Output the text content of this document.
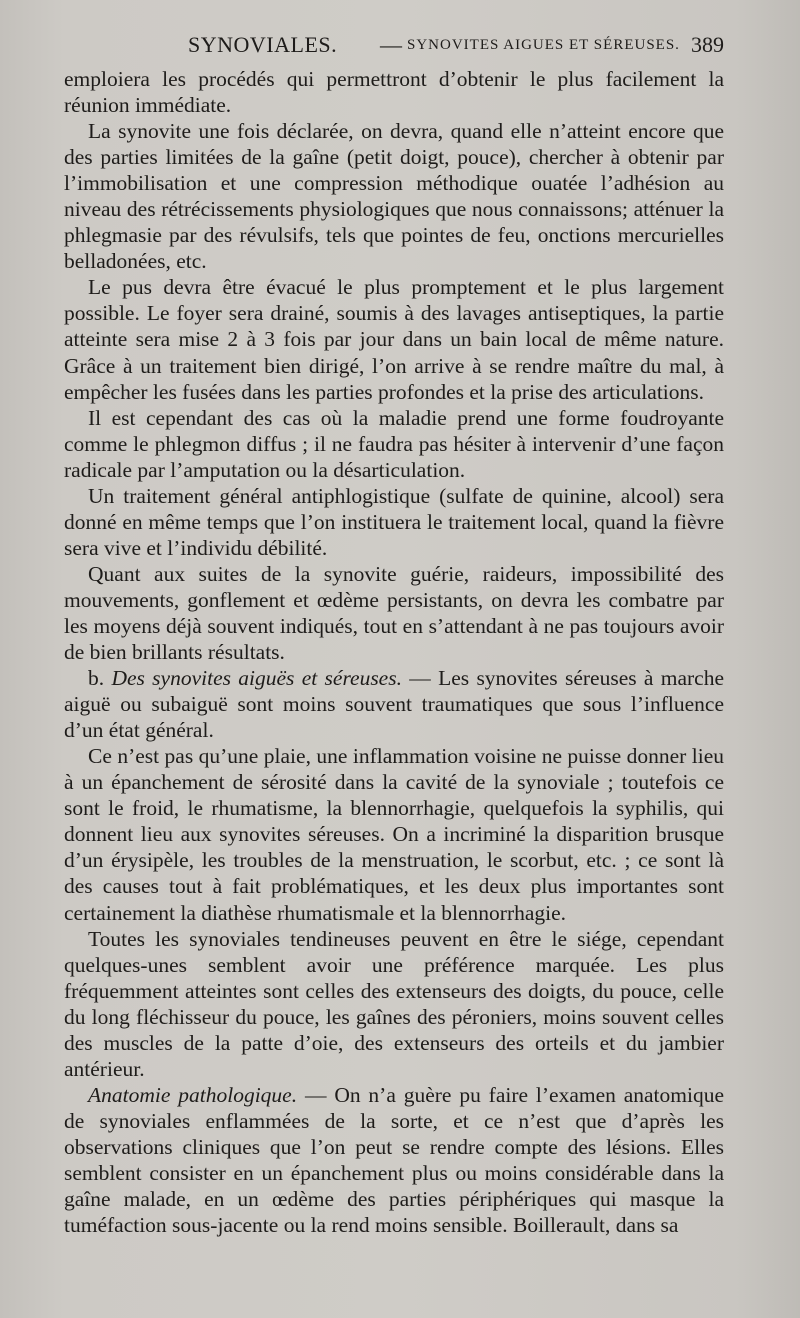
SYNOVIALES. — SYNOVITES AIGUES ET SÉREUSES. 389

emploiera les procédés qui permettront d’obtenir le plus facilement la réunion immédiate.

La synovite une fois déclarée, on devra, quand elle n’atteint encore que des parties limitées de la gaîne (petit doigt, pouce), chercher à obtenir par l’immobilisation et une compression méthodique ouatée l’adhésion au niveau des rétrécissements physiologiques que nous connaissons; atténuer la phlegmasie par des révulsifs, tels que pointes de feu, onctions mercurielles belladonées, etc.

Le pus devra être évacué le plus promptement et le plus largement possible. Le foyer sera drainé, soumis à des lavages antiseptiques, la partie atteinte sera mise 2 à 3 fois par jour dans un bain local de même nature. Grâce à un traitement bien dirigé, l’on arrive à se rendre maître du mal, à empêcher les fusées dans les parties profondes et la prise des articulations.

Il est cependant des cas où la maladie prend une forme foudroyante comme le phlegmon diffus ; il ne faudra pas hésiter à intervenir d’une façon radicale par l’amputation ou la désarticulation.

Un traitement général antiphlogistique (sulfate de quinine, alcool) sera donné en même temps que l’on instituera le traitement local, quand la fièvre sera vive et l’individu débilité.

Quant aux suites de la synovite guérie, raideurs, impossibilité des mouvements, gonflement et œdème persistants, on devra les combatre par les moyens déjà souvent indiqués, tout en s’attendant à ne pas toujours avoir de bien brillants résultats.

b. Des synovites aiguës et séreuses. — Les synovites séreuses à marche aiguë ou subaiguë sont moins souvent traumatiques que sous l’influence d’un état général.

Ce n’est pas qu’une plaie, une inflammation voisine ne puisse donner lieu à un épanchement de sérosité dans la cavité de la synoviale ; toutefois ce sont le froid, le rhumatisme, la blennorrhagie, quelquefois la syphilis, qui donnent lieu aux synovites séreuses. On a incriminé la disparition brusque d’un érysipèle, les troubles de la menstruation, le scorbut, etc. ; ce sont là des causes tout à fait problématiques, et les deux plus importantes sont certainement la diathèse rhumatismale et la blennorrhagie.

Toutes les synoviales tendineuses peuvent en être le siége, cependant quelques-unes semblent avoir une préférence marquée. Les plus fréquemment atteintes sont celles des extenseurs des doigts, du pouce, celle du long fléchisseur du pouce, les gaînes des péroniers, moins souvent celles des muscles de la patte d’oie, des extenseurs des orteils et du jambier antérieur.

Anatomie pathologique. — On n’a guère pu faire l’examen anatomique de synoviales enflammées de la sorte, et ce n’est que d’après les observations cliniques que l’on peut se rendre compte des lésions. Elles semblent consister en un épanchement plus ou moins considérable dans la gaîne malade, en un œdème des parties périphériques qui masque la tuméfaction sous-jacente ou la rend moins sensible. Boillerault, dans sa
